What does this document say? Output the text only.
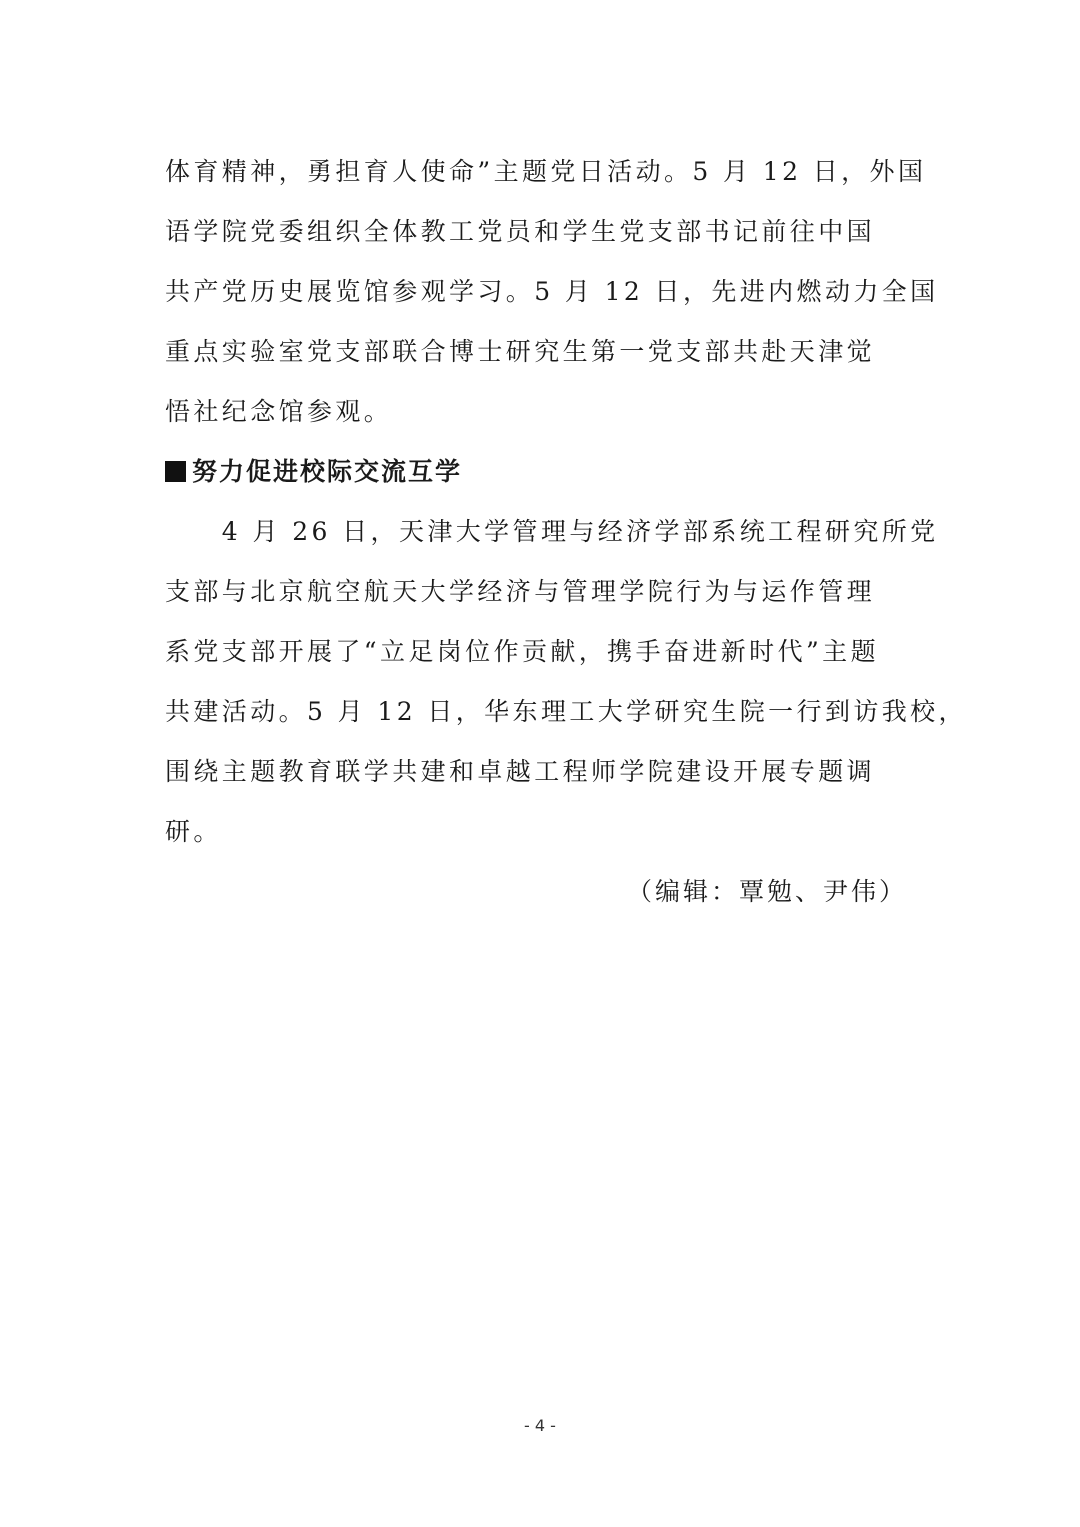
体育精神，勇担育人使命”主题党日活动。5 月 12 日，外国
语学院党委组织全体教工党员和学生党支部书记前往中国
共产党历史展览馆参观学习。5 月 12 日，先进内燃动力全国
重点实验室党支部联合博士研究生第一党支部共赴天津觉
悟社纪念馆参观。

努力促进校际交流互学

　　4 月 26 日，天津大学管理与经济学部系统工程研究所党
支部与北京航空航天大学经济与管理学院行为与运作管理
系党支部开展了“立足岗位作贡献，携手奋进新时代”主题
共建活动。5 月 12 日，华东理工大学研究生院一行到访我校，
围绕主题教育联学共建和卓越工程师学院建设开展专题调
研。

（编辑：覃勉、尹伟）

- 4 -
